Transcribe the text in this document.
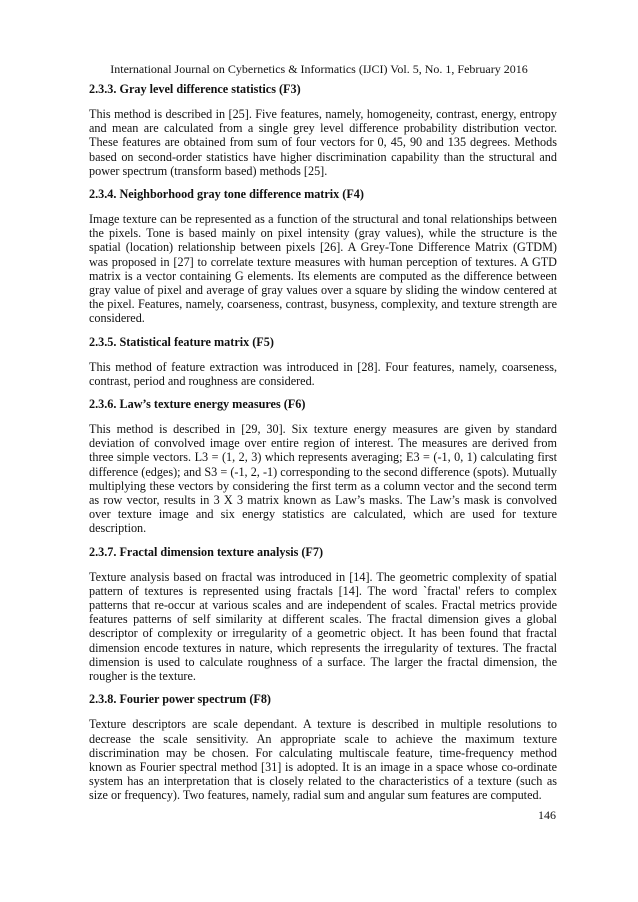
International Journal on Cybernetics & Informatics (IJCI) Vol. 5, No. 1, February 2016
2.3.3. Gray level difference statistics (F3)

This method is described in [25]. Five features, namely, homogeneity, contrast, energy, entropy and mean are calculated from a single grey level difference probability distribution vector. These features are obtained from sum of four vectors for 0, 45, 90 and 135 degrees. Methods based on second-order statistics have higher discrimination capability than the structural and power spectrum (transform based) methods [25].

2.3.4. Neighborhood gray tone difference matrix (F4)

Image texture can be represented as a function of the structural and tonal relationships between the pixels. Tone is based mainly on pixel intensity (gray values), while the structure is the spatial (location) relationship between pixels [26]. A Grey-Tone Difference Matrix (GTDM) was proposed in [27] to correlate texture measures with human perception of textures. A GTD matrix is a vector containing G elements. Its elements are computed as the difference between gray value of pixel and average of gray values over a square by sliding the window centered at the pixel. Features, namely, coarseness, contrast, busyness, complexity, and texture strength are considered.

2.3.5. Statistical feature matrix (F5)

This method of feature extraction was introduced in [28]. Four features, namely, coarseness, contrast, period and roughness are considered.

2.3.6. Law’s texture energy measures (F6)

This method is described in [29, 30]. Six texture energy measures are given by standard deviation of convolved image over entire region of interest. The measures are derived from three simple vectors. L3 = (1, 2, 3) which represents averaging; E3 = (-1, 0, 1) calculating first difference (edges); and S3 = (-1, 2, -1) corresponding to the second difference (spots). Mutually multiplying these vectors by considering the first term as a column vector and the second term as row vector, results in 3 X 3 matrix known as Law’s masks. The Law’s mask is convolved over texture image and six energy statistics are calculated, which are used for texture description.

2.3.7. Fractal dimension texture analysis (F7)

Texture analysis based on fractal was introduced in [14]. The geometric complexity of spatial pattern of textures is represented using fractals [14]. The word `fractal' refers to complex patterns that re-occur at various scales and are independent of scales. Fractal metrics provide features patterns of self similarity at different scales. The fractal dimension gives a global descriptor of complexity or irregularity of a geometric object. It has been found that fractal dimension encode textures in nature, which represents the irregularity of textures. The fractal dimension is used to calculate roughness of a surface. The larger the fractal dimension, the rougher is the texture.

2.3.8. Fourier power spectrum (F8)

Texture descriptors are scale dependant. A texture is described in multiple resolutions to decrease the scale sensitivity. An appropriate scale to achieve the maximum texture discrimination may be chosen. For calculating multiscale feature, time-frequency method known as Fourier spectral method [31] is adopted. It is an image in a space whose co-ordinate system has an interpretation that is closely related to the characteristics of a texture (such as size or frequency). Two features, namely, radial sum and angular sum features are computed.

146
